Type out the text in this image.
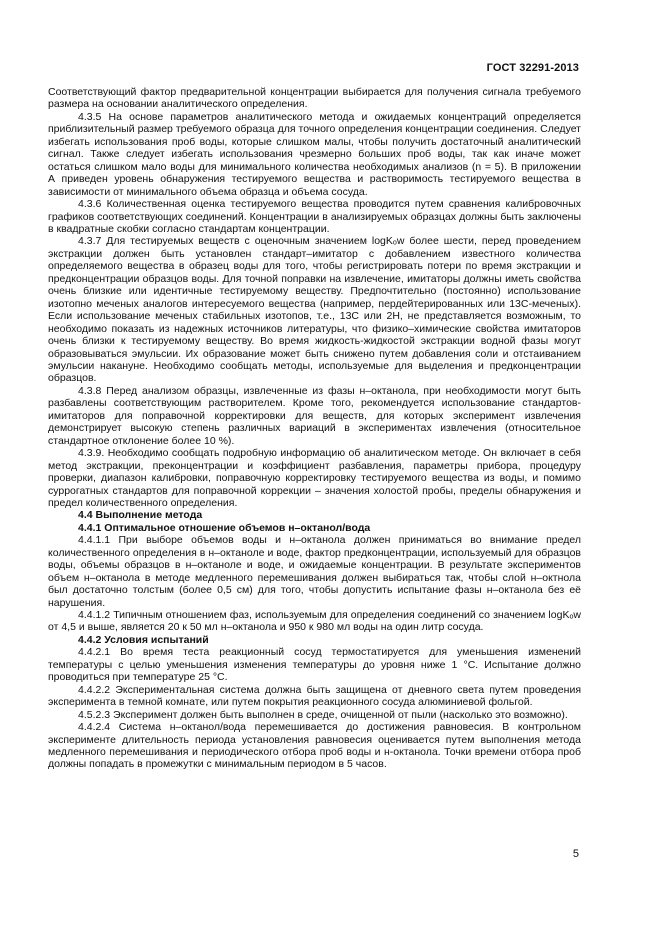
ГОСТ 32291-2013

Соответствующий фактор предварительной концентрации выбирается для получения сигнала требуемого размера на основании аналитического определения.

4.3.5 На основе параметров аналитического метода и ожидаемых концентраций определяется приблизительный размер требуемого образца для точного определения концентрации соединения. Следует избегать использования проб воды, которые слишком малы, чтобы получить достаточный аналитический сигнал. Также следует избегать использования чрезмерно больших проб воды, так как иначе может остаться слишком мало воды для минимального количества необходимых анализов (n = 5). В приложении А приведен уровень обнаружения тестируемого вещества и растворимость тестируемого вещества в зависимости от минимального объема образца и объема сосуда.

4.3.6 Количественная оценка тестируемого вещества проводится путем сравнения калибровочных графиков соответствующих соединений. Концентрации в анализируемых образцах должны быть заключены в квадратные скобки согласно стандартам концентрации.

4.3.7 Для тестируемых веществ с оценочным значением logKₒw более шести, перед проведением экстракции должен быть установлен стандарт–имитатор с добавлением известного количества определяемого вещества в образец воды для того, чтобы регистрировать потери по время экстракции и предконцентрации образцов воды. Для точной поправки на извлечение, имитаторы должны иметь свойства очень близкие или идентичные тестируемому веществу. Предпочтительно (постоянно) использование изотопно меченых аналогов интересуемого вещества (например, пердейтерированных или 13С-меченых). Если использование меченых стабильных изотопов, т.е., 13С или 2Н, не представляется возможным, то необходимо показать из надежных источников литературы, что физико–химические свойства имитаторов очень близки к тестируемому веществу. Во время жидкость-жидкостой экстракции водной фазы могут образовываться эмульсии. Их образование может быть снижено путем добавления соли и отстаиванием эмульсии накануне. Необходимо сообщать методы, используемые для выделения и предконцентрации образцов.

4.3.8 Перед анализом образцы, извлеченные из фазы н–октанола, при необходимости могут быть разбавлены соответствующим растворителем. Кроме того, рекомендуется использование стандартов-имитаторов для поправочной корректировки для веществ, для которых эксперимент извлечения демонстрирует высокую степень различных вариаций в экспериментах извлечения (относительное стандартное отклонение более 10 %).

4.3.9. Необходимо сообщать подробную информацию об аналитическом методе. Он включает в себя метод экстракции, преконцентрации и коэффициент разбавления, параметры прибора, процедуру проверки, диапазон калибровки, поправочную корректировку тестируемого вещества из воды, и помимо суррогатных стандартов для поправочной коррекции – значения холостой пробы, пределы обнаружения и предел количественного определения.

4.4 Выполнение метода

4.4.1 Оптимальное отношение объемов н–октанол/вода

4.4.1.1 При выборе объемов воды и н–октанола должен приниматься во внимание предел количественного определения в н–октаноле и воде, фактор предконцентрации, используемый для образцов воды, объемы образцов в н–октаноле и воде, и ожидаемые концентрации. В результате экспериментов объем н–октанола в методе медленного перемешивания должен выбираться так, чтобы слой н–октнола был достаточно толстым (более 0,5 см) для того, чтобы допустить испытание фазы н–октанола без её нарушения.

4.4.1.2 Типичным отношением фаз, используемым для определения соединений со значением logKₒw от 4,5 и выше, является 20 к 50 мл н–октанола и 950 к 980 мл воды на один литр сосуда.

4.4.2 Условия испытаний

4.4.2.1 Во время теста реакционный сосуд термостатируется для уменьшения изменений температуры с целью уменьшения изменения температуры до уровня ниже 1 °С. Испытание должно проводиться при температуре 25 °С.

4.4.2.2 Экспериментальная система должна быть защищена от дневного света путем проведения эксперимента в темной комнате, или путем покрытия реакционного сосуда алюминиевой фольгой.

4.5.2.3 Эксперимент должен быть выполнен в среде, очищенной от пыли (насколько это возможно).

4.4.2.4 Система н–октанол/вода перемешивается до достижения равновесия. В контрольном эксперименте длительность периода установления равновесия оценивается путем выполнения метода медленного перемешивания и периодического отбора проб воды и н-октанола. Точки времени отбора проб должны попадать в промежутки с минимальным периодом в 5 часов.

5
